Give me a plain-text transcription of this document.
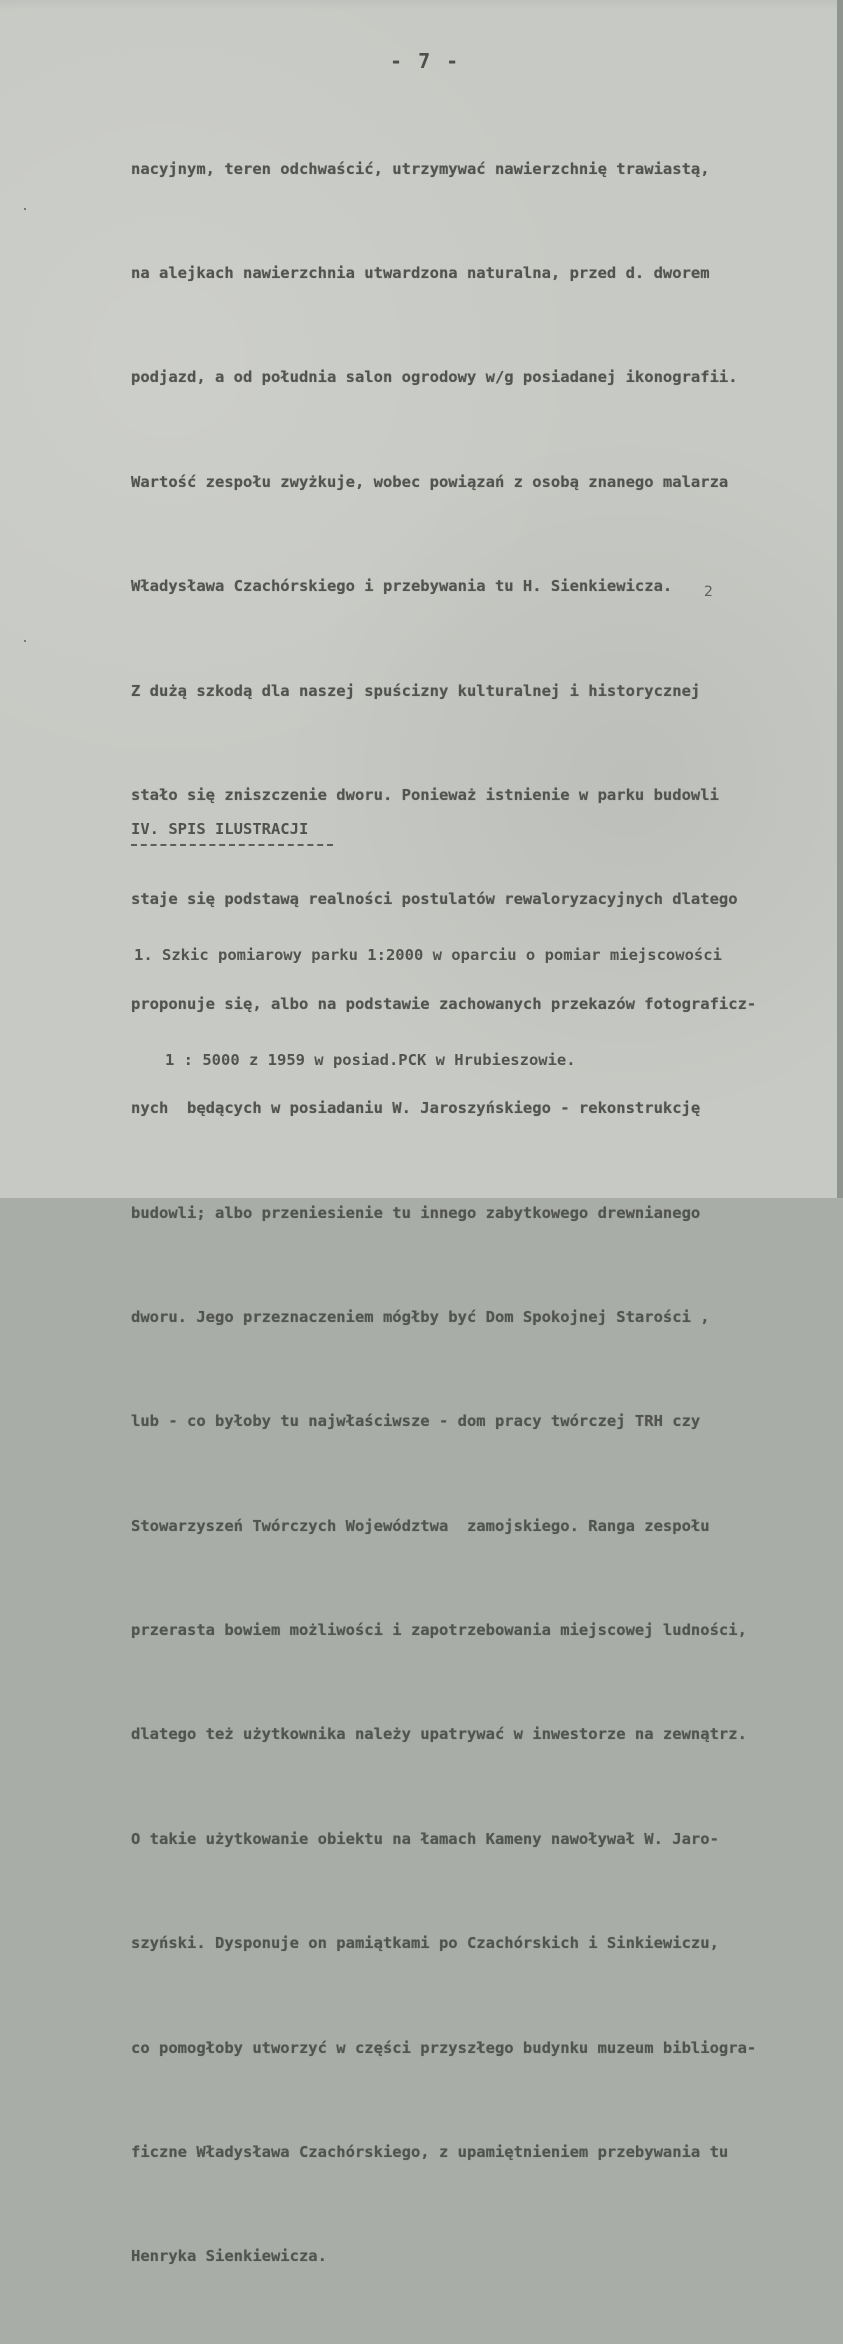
- 7 -

nacyjnym, teren odchwaścić, utrzymywać nawierzchnię trawiastą,

na alejkach nawierzchnia utwardzona naturalna, przed d. dworem

podjazd, a od południa salon ogrodowy w/g posiadanej ikonografii.

Wartość zespołu zwyżkuje, wobec powiązań z osobą znanego malarza

Władysława Czachórskiego i przebywania tu H. Sienkiewicza.

Z dużą szkodą dla naszej spuścizny kulturalnej i historycznej

stało się zniszczenie dworu. Ponieważ istnienie w parku budowli

staje się podstawą realności postulatów rewaloryzacyjnych dlatego

proponuje się, albo na podstawie zachowanych przekazów fotograficz-

nych  będących w posiadaniu W. Jaroszyńskiego - rekonstrukcję

budowli; albo przeniesienie tu innego zabytkowego drewnianego

dworu. Jego przeznaczeniem mógłby być Dom Spokojnej Starości ,

lub - co byłoby tu najwłaściwsze - dom pracy twórczej TRH czy

Stowarzyszeń Twórczych Województwa  zamojskiego. Ranga zespołu

przerasta bowiem możliwości i zapotrzebowania miejscowej ludności,

dlatego też użytkownika należy upatrywać w inwestorze na zewnątrz.

O takie użytkowanie obiektu na łamach Kameny nawoływał W. Jaro-

szyński. Dysponuje on pamiątkami po Czachórskich i Sinkiewiczu,

co pomogłoby utworzyć w części przyszłego budynku muzeum bibliogra-

ficzne Władysława Czachórskiego, z upamiętnieniem przebywania tu

Henryka Sienkiewicza.

IV. SPIS ILUSTRACJI

1. Szkic pomiarowy parku 1:2000 w oparciu o pomiar miejscowości

1 : 5000 z 1959 w posiad.PCK w Hrubieszowie.

2
